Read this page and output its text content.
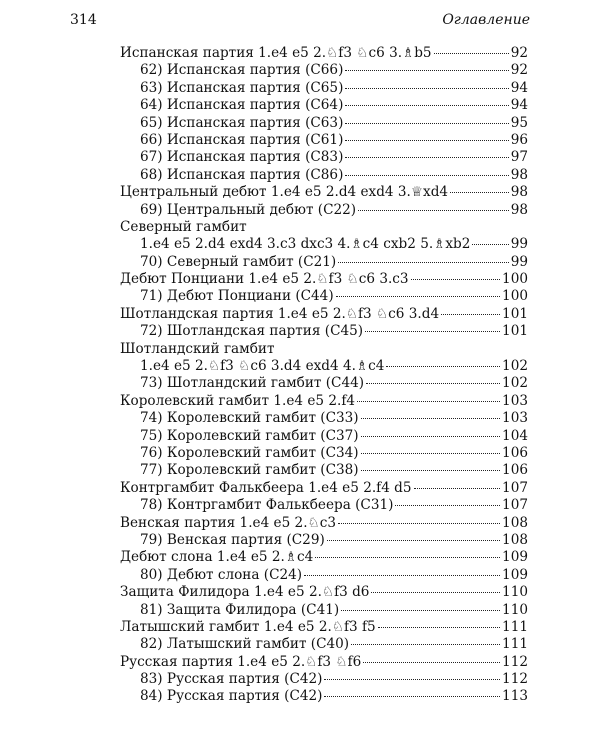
314	Оглавление
Испанская партия 1.e4 e5 2.♘f3 ♘c6 3.♗b5	92
62) Испанская партия (C66)	92
63) Испанская партия (C65)	94
64) Испанская партия (C64)	94
65) Испанская партия (C63)	95
66) Испанская партия (C61)	96
67) Испанская партия (C83)	97
68) Испанская партия (C86)	98
Центральный дебют 1.e4 e5 2.d4 exd4 3.♕xd4	98
69) Центральный дебют (C22)	98
Северный гамбит
1.e4 e5 2.d4 exd4 3.c3 dxc3 4.♗c4 cxb2 5.♗xb2	99
70) Северный гамбит (C21)	99
Дебют Понциани 1.e4 e5 2.♘f3 ♘c6 3.c3	100
71) Дебют Понциани (C44)	100
Шотландская партия 1.e4 e5 2.♘f3 ♘c6 3.d4	101
72) Шотландская партия (C45)	101
Шотландский гамбит
1.e4 e5 2.♘f3 ♘c6 3.d4 exd4 4.♗c4	102
73) Шотландский гамбит (C44)	102
Королевский гамбит 1.e4 e5 2.f4	103
74) Королевский гамбит (C33)	103
75) Королевский гамбит (C37)	104
76) Королевский гамбит (C34)	106
77) Королевский гамбит (C38)	106
Контргамбит Фалькбеера 1.e4 e5 2.f4 d5	107
78) Контргамбит Фалькбеера (C31)	107
Венская партия 1.e4 e5 2.♘c3	108
79) Венская партия (C29)	108
Дебют слона 1.e4 e5 2.♗c4	109
80) Дебют слона (C24)	109
Защита Филидора 1.e4 e5 2.♘f3 d6	110
81) Защита Филидора (C41)	110
Латышский гамбит 1.e4 e5 2.♘f3 f5	111
82) Латышский гамбит (C40)	111
Русская партия 1.e4 e5 2.♘f3 ♘f6	112
83) Русская партия (C42)	112
84) Русская партия (C42)	113
